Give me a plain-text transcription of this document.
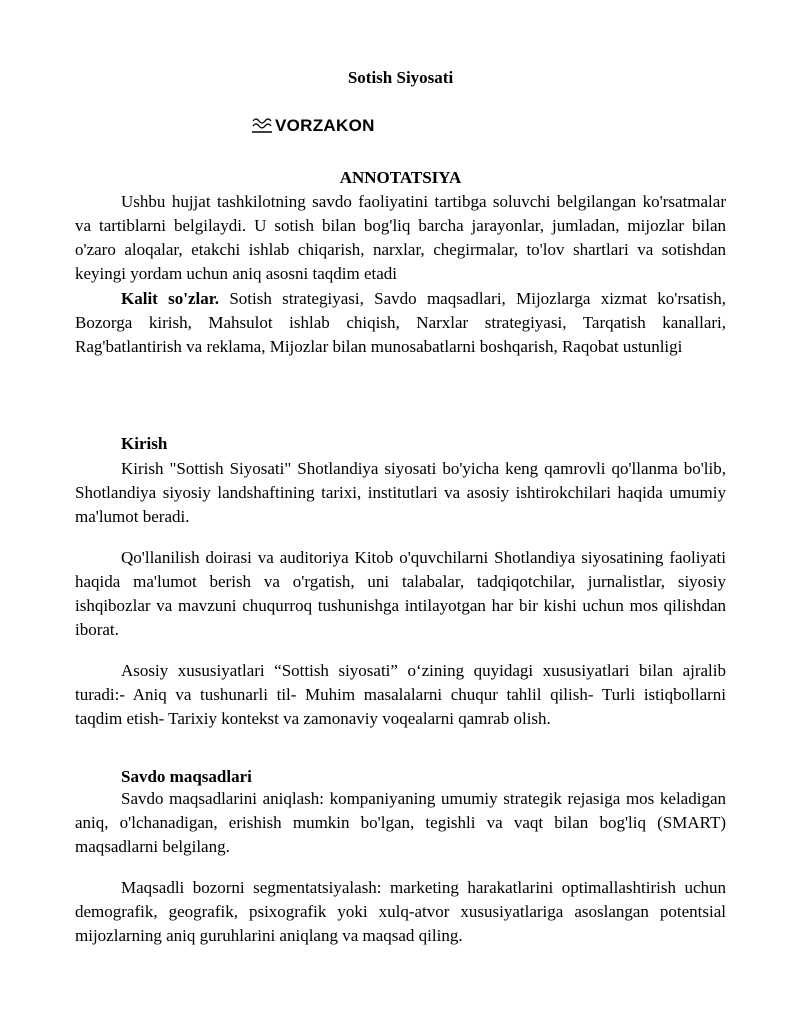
Sotish Siyosati
VORZAKON
ANNOTATSIYA

Ushbu hujjat tashkilotning savdo faoliyatini tartibga soluvchi belgilangan ko'rsatmalar va tartiblarni belgilaydi. U sotish bilan bog'liq barcha jarayonlar, jumladan, mijozlar bilan o'zaro aloqalar, etakchi ishlab chiqarish, narxlar, chegirmalar, to'lov shartlari va sotishdan keyingi yordam uchun aniq asosni taqdim etadi

Kalit so'zlar. Sotish strategiyasi, Savdo maqsadlari, Mijozlarga xizmat ko'rsatish, Bozorga kirish, Mahsulot ishlab chiqish, Narxlar strategiyasi, Tarqatish kanallari, Rag'batlantirish va reklama, Mijozlar bilan munosabatlarni boshqarish, Raqobat ustunligi

Kirish

Kirish "Sottish Siyosati" Shotlandiya siyosati bo'yicha keng qamrovli qo'llanma bo'lib, Shotlandiya siyosiy landshaftining tarixi, institutlari va asosiy ishtirokchilari haqida umumiy ma'lumot beradi.

Qo'llanilish doirasi va auditoriya Kitob o'quvchilarni Shotlandiya siyosatining faoliyati haqida ma'lumot berish va o'rgatish, uni talabalar, tadqiqotchilar, jurnalistlar, siyosiy ishqibozlar va mavzuni chuqurroq tushunishga intilayotgan har bir kishi uchun mos qilishdan iborat.

Asosiy xususiyatlari “Sottish siyosati” o‘zining quyidagi xususiyatlari bilan ajralib turadi:- Aniq va tushunarli til- Muhim masalalarni chuqur tahlil qilish- Turli istiqbollarni taqdim etish- Tarixiy kontekst va zamonaviy voqealarni qamrab olish.

Savdo maqsadlari

Savdo maqsadlarini aniqlash: kompaniyaning umumiy strategik rejasiga mos keladigan aniq, o'lchanadigan, erishish mumkin bo'lgan, tegishli va vaqt bilan bog'liq (SMART) maqsadlarni belgilang.

Maqsadli bozorni segmentatsiyalash: marketing harakatlarini optimallashtirish uchun demografik, geografik, psixografik yoki xulq-atvor xususiyatlariga asoslangan potentsial mijozlarning aniq guruhlarini aniqlang va maqsad qiling.
